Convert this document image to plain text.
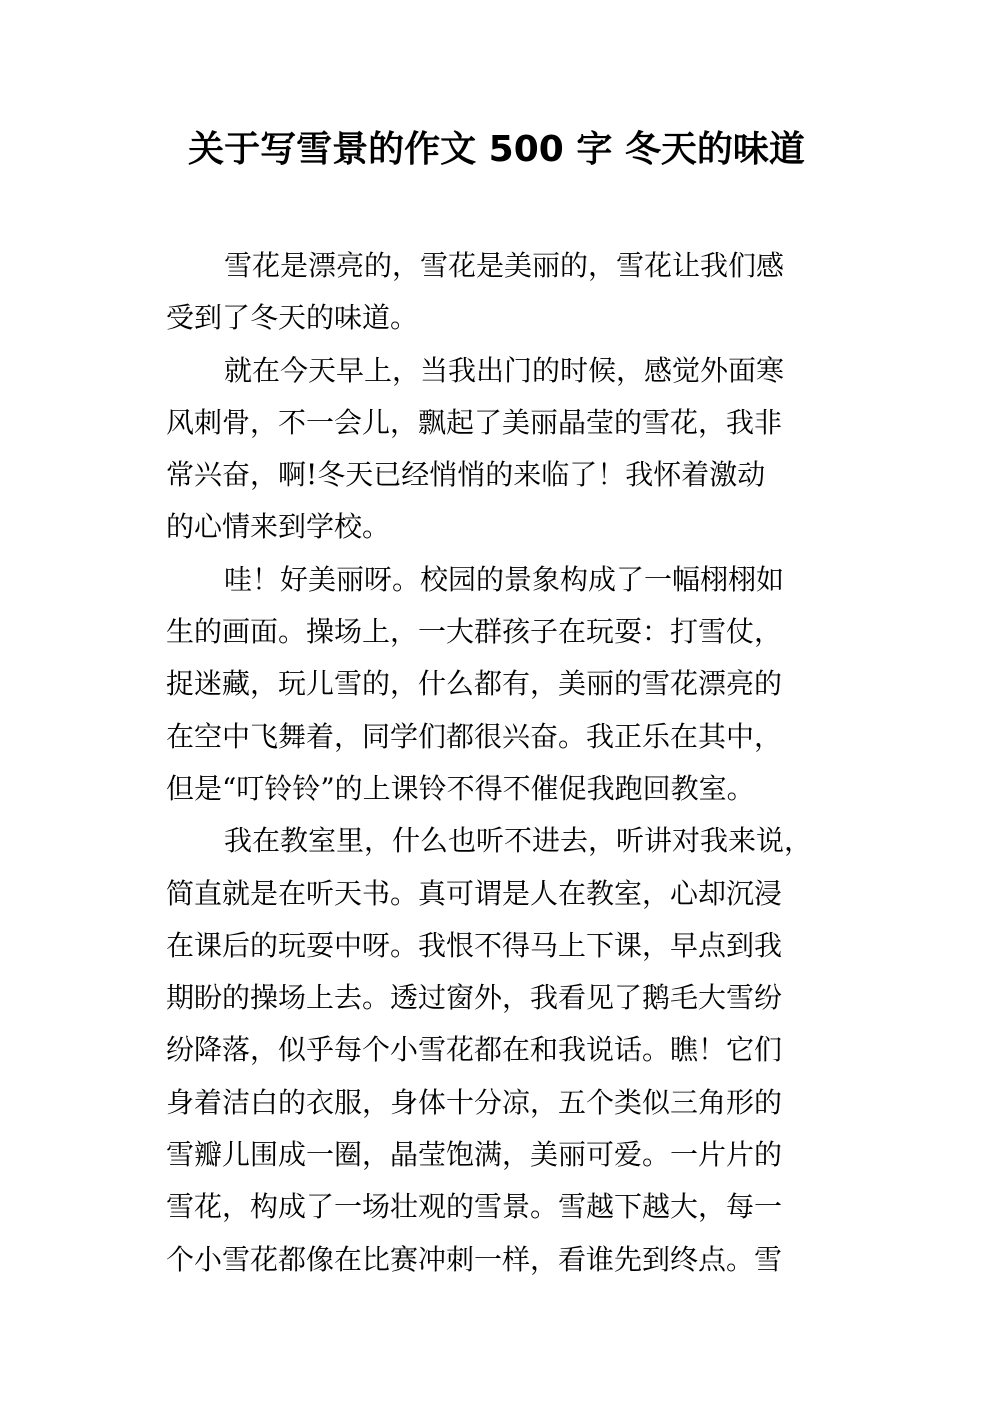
关于写雪景的作文 500 字 冬天的味道
雪花是漂亮的，雪花是美丽的，雪花让我们感
受到了冬天的味道。
就在今天早上，当我出门的时候，感觉外面寒
风刺骨，不一会儿，飘起了美丽晶莹的雪花，我非
常兴奋，啊!冬天已经悄悄的来临了！我怀着激动
的心情来到学校。
哇！好美丽呀。校园的景象构成了一幅栩栩如
生的画面。操场上，一大群孩子在玩耍：打雪仗，
捉迷藏，玩儿雪的，什么都有，美丽的雪花漂亮的
在空中飞舞着，同学们都很兴奋。我正乐在其中，
但是“叮铃铃”的上课铃不得不催促我跑回教室。
我在教室里，什么也听不进去，听讲对我来说，
简直就是在听天书。真可谓是人在教室，心却沉浸
在课后的玩耍中呀。我恨不得马上下课，早点到我
期盼的操场上去。透过窗外，我看见了鹅毛大雪纷
纷降落，似乎每个小雪花都在和我说话。瞧！它们
身着洁白的衣服，身体十分凉，五个类似三角形的
雪瓣儿围成一圈，晶莹饱满，美丽可爱。一片片的
雪花，构成了一场壮观的雪景。雪越下越大，每一
个小雪花都像在比赛冲刺一样，看谁先到终点。雪
